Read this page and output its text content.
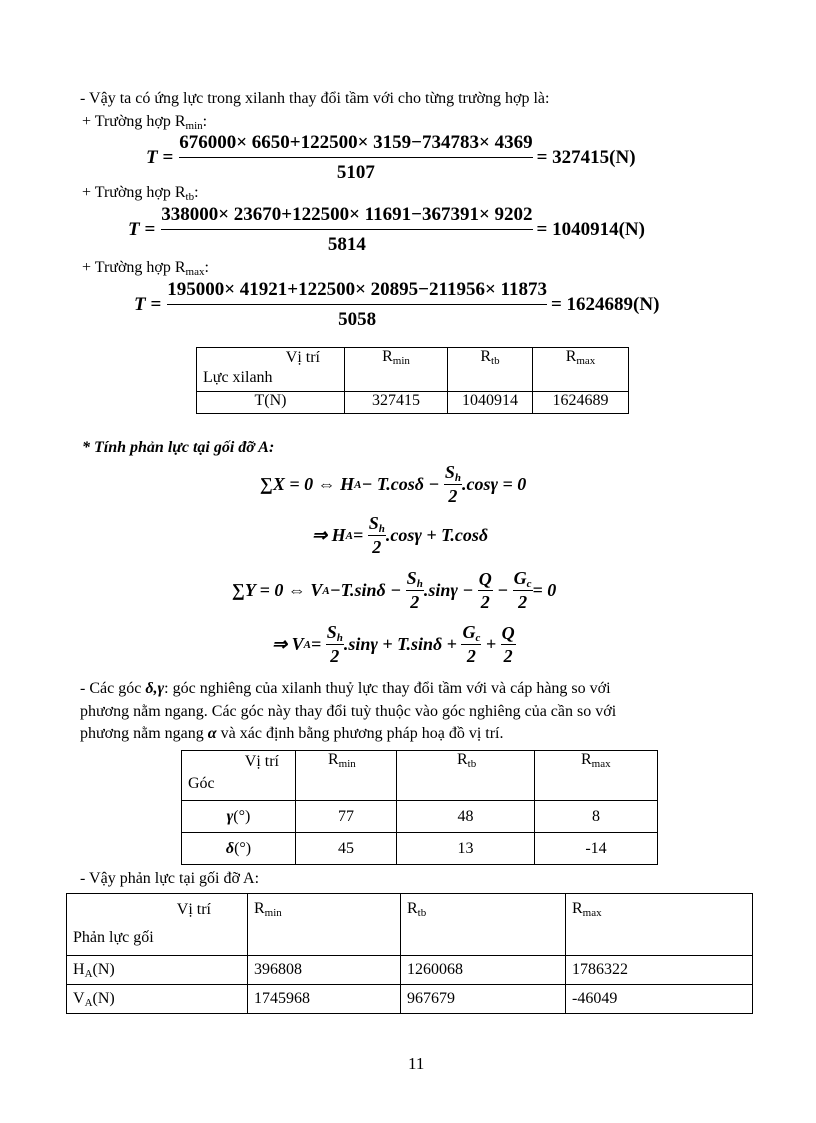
- Vậy ta có ứng lực trong xilanh thay đổi tầm với cho từng trường hợp là:
+ Trường hợp $R_{min}$:
$T = \frac{676000\times 6650+122500\times 3159-734783\times 4369}{5107} = 327415(N)$
+ Trường hợp $R_{tb}$:
$T = \frac{338000\times 23670+122500\times 11691-367391\times 9202}{5814} = 1040914(N)$
+ Trường hợp $R_{max}$:
$T = \frac{195000\times 41921+122500\times 20895-211956\times 11873}{5058} = 1624689(N)$
Vị trí
Lực xilanh	$R_{min}$	$R_{tb}$	$R_{max}$
T(N)	327415	1040914	1624689
* Tính phản lực tại gối đỡ A:
∑X = 0 ⇔ H A − T.cosδ −
$\frac{S_h}{2} .\cos\gamma = 0$
⇒ H A =
$\frac{S_h}{2} .\cos\gamma + T.\cos\delta$
∑Y = 0 ⇔ V A −T.sinδ −
$\frac{S_h}{2} .\sin\gamma$ −
$\frac{Q}{2}$
−
$\frac{G_c}{2} = 0$
⇒ V A =
$\frac{S_h}{2} .\sin\gamma + T.\sin\delta$ +
$\frac{G_c}{2}$
+
$\frac{Q}{2}$
- Các góc δ,γ: góc nghiêng của xilanh thuỷ lực thay đổi tầm với và cáp hàng so với
phương nằm ngang. Các góc này thay đổi tuỳ thuộc vào góc nghiêng của cần so với
phương nằm ngang α và xác định bằng phương pháp hoạ đồ vị trí.
Vị trí
Góc	$R_{min}$	$R_{tb}$	$R_{max}$
γ(°)	77	48	8
δ(°)	45	13	-14
- Vậy phản lực tại gối đỡ A:
Vị trí
Phản lực gối	$R_{min}$	$R_{tb}$	$R_{max}$
$H_A(N)$	396808	1260068	1786322
$V_A(N)$	1745968	967679	-46049
11
